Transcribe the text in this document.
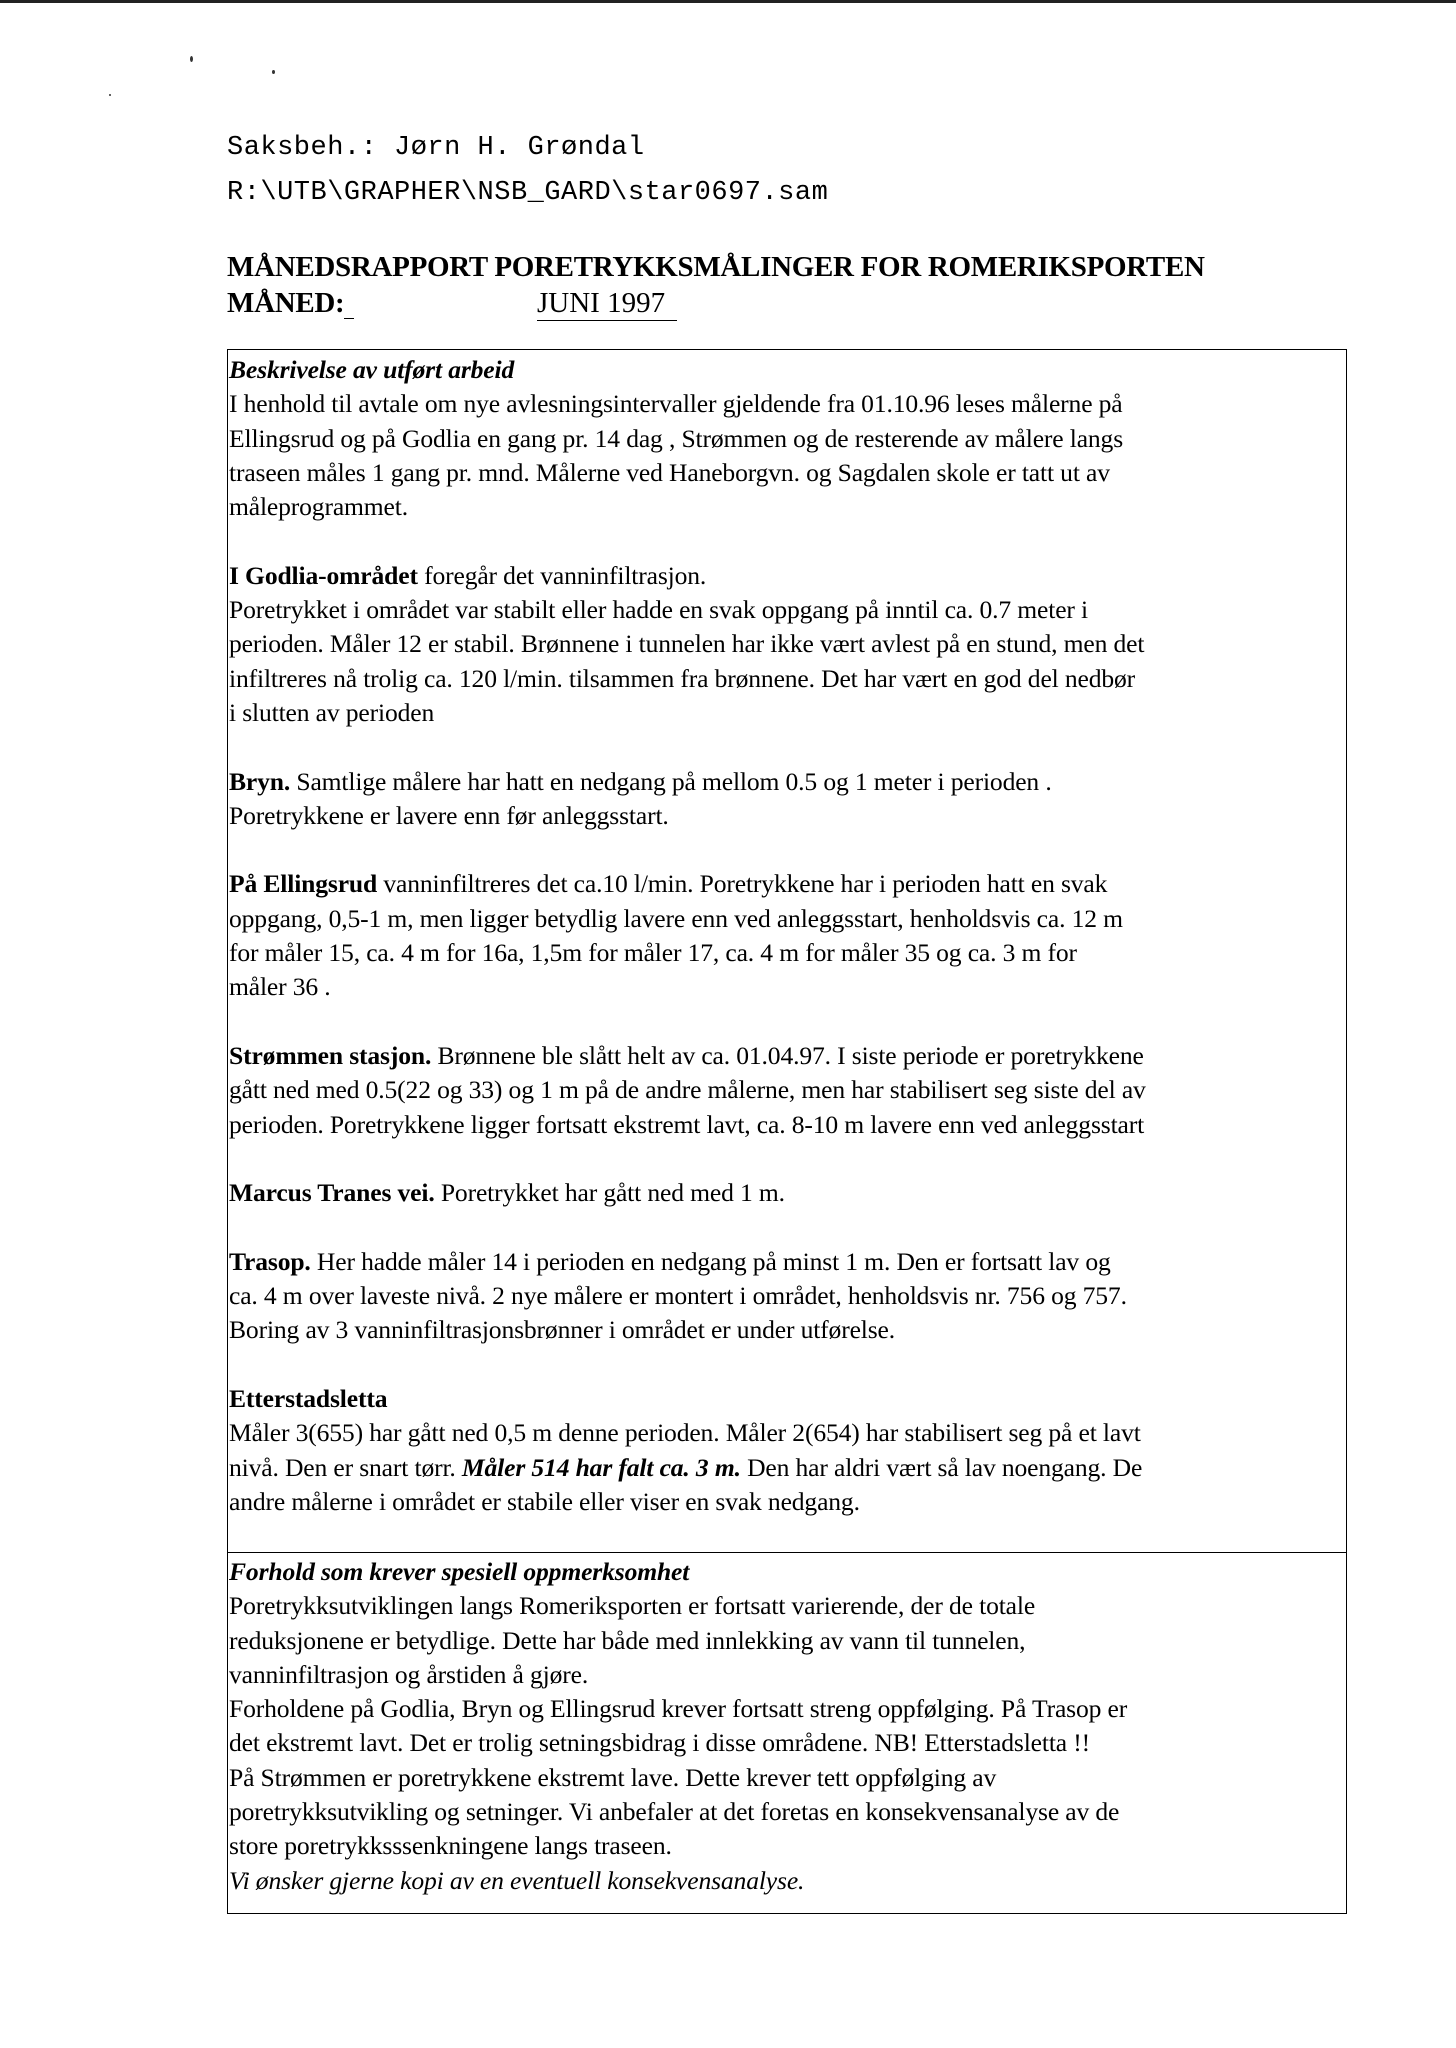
Saksbeh.: Jørn H. Grøndal
R:\UTB\GRAPHER\NSB_GARD\star0697.sam
MÅNEDSRAPPORT PORETRYKKSMÅLINGER FOR ROMERIKSPORTEN
MÅNED:	JUNI 1997

Beskrivelse av utført arbeid

I henhold til avtale om nye avlesningsintervaller gjeldende fra 01.10.96 leses målerne på

Ellingsrud og på Godlia en gang pr. 14 dag , Strømmen og de resterende av målere langs

traseen måles 1 gang pr. mnd. Målerne ved Haneborgvn. og Sagdalen skole er tatt ut av

måleprogrammet.

I Godlia-området foregår det vanninfiltrasjon.

Poretrykket i området var stabilt eller hadde en svak oppgang på inntil ca. 0.7 meter i

perioden. Måler 12 er stabil. Brønnene i tunnelen har ikke vært avlest på en stund, men det

infiltreres nå trolig ca. 120 l/min. tilsammen fra brønnene. Det har vært en god del nedbør

i slutten av perioden

Bryn. Samtlige målere har hatt en nedgang på mellom 0.5 og 1 meter i perioden .

Poretrykkene er lavere enn før anleggsstart.

På Ellingsrud vanninfiltreres det ca.10 l/min. Poretrykkene har i perioden hatt en svak

oppgang, 0,5-1 m, men ligger betydlig lavere enn ved anleggsstart, henholdsvis ca. 12 m

for måler 15, ca. 4 m for 16a, 1,5m for måler 17, ca. 4 m for måler 35 og ca. 3 m for

måler 36 .

Strømmen stasjon. Brønnene ble slått helt av ca. 01.04.97. I siste periode er poretrykkene

gått ned med 0.5(22 og 33) og 1 m på de andre målerne, men har stabilisert seg siste del av

perioden. Poretrykkene ligger fortsatt ekstremt lavt, ca. 8-10 m lavere enn ved anleggsstart

Marcus Tranes vei. Poretrykket har gått ned med 1 m.

Trasop. Her hadde måler 14 i perioden en nedgang på minst 1 m. Den er fortsatt lav og

ca. 4 m over laveste nivå. 2 nye målere er montert i området, henholdsvis nr. 756 og 757.

Boring av 3 vanninfiltrasjonsbrønner i området er under utførelse.

Etterstadsletta

Måler 3(655) har gått ned 0,5 m denne perioden. Måler 2(654) har stabilisert seg på et lavt

nivå. Den er snart tørr. Måler 514 har falt ca. 3 m. Den har aldri vært så lav noengang. De

andre målerne i området er stabile eller viser en svak nedgang.

Forhold som krever spesiell oppmerksomhet

Poretrykksutviklingen langs Romeriksporten er fortsatt varierende, der de totale

reduksjonene er betydlige. Dette har både med innlekking av vann til tunnelen,

vanninfiltrasjon og årstiden å gjøre.

Forholdene på Godlia, Bryn og Ellingsrud krever fortsatt streng oppfølging. På Trasop er

det ekstremt lavt. Det er trolig setningsbidrag i disse områdene. NB! Etterstadsletta !!

På Strømmen er poretrykkene ekstremt lave. Dette krever tett oppfølging av

poretrykksutvikling og setninger. Vi anbefaler at det foretas en konsekvensanalyse av de

store poretrykksssenkningene langs traseen.

Vi ønsker gjerne kopi av en eventuell konsekvensanalyse.
